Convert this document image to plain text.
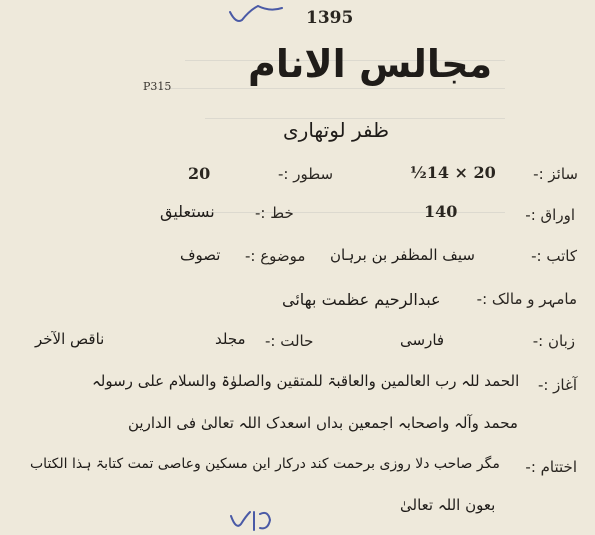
1395
مجالس الانام
P315
ظفر لوتھاری
سائز :-
20 × 14½
سطور :-
20
اوراق :-
140
خط :-
نستعلیق
کاتب :-
سیف المظفر بن برہان
موضوع :-
تصوف
مامہر و مالک :-
عبدالرحیم عظمت بھائی
زبان :-
فارسی
حالت :-
مجلد
ناقص الآخر
آغاز :-
الحمد للہ رب العالمین والعاقبۃ للمتقین والصلوٰۃ والسلام علی رسولہ
محمد وآلہ واصحابہ اجمعین بداں اسعدک اللہ تعالیٰ فی الدارین
اختتام :-
مگر صاحب دلا روزی برحمت کند درکار این مسکین وعاصی تمت کتابۃ ہذا الکتاب
بعون اللہ تعالیٰ
